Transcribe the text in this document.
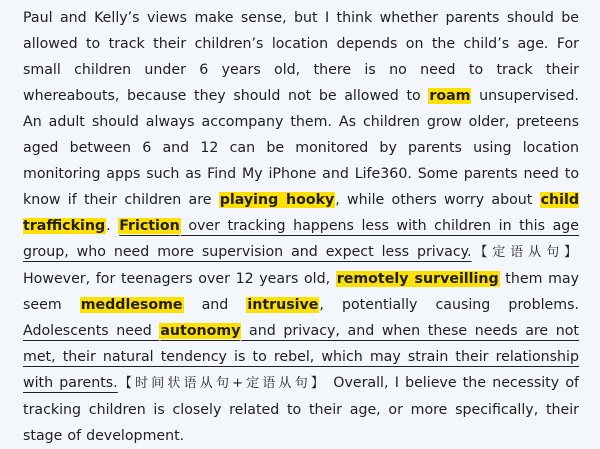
Paul and Kelly’s views make sense, but I think whether parents should be allowed to track their children’s location depends on the child’s age. For small children under 6 years old, there is no need to track their whereabouts, because they should not be allowed to roam unsupervised. An adult should always accompany them. As children grow older, preteens aged between 6 and 12 can be monitored by parents using location monitoring apps such as Find My iPhone and Life360. Some parents need to know if their children are playing hooky, while others worry about child trafficking. Friction over tracking happens less with children in this age group, who need more supervision and expect less privacy.【定语从句】 However, for teenagers over 12 years old, remotely surveilling them may seem meddlesome and intrusive, potentially causing problems. Adolescents need autonomy and privacy, and when these needs are not met, their natural tendency is to rebel, which may strain their relationship with parents.【时间状语从句+定语从句】 Overall, I believe the necessity of tracking children is closely related to their age, or more specifically, their stage of development.
